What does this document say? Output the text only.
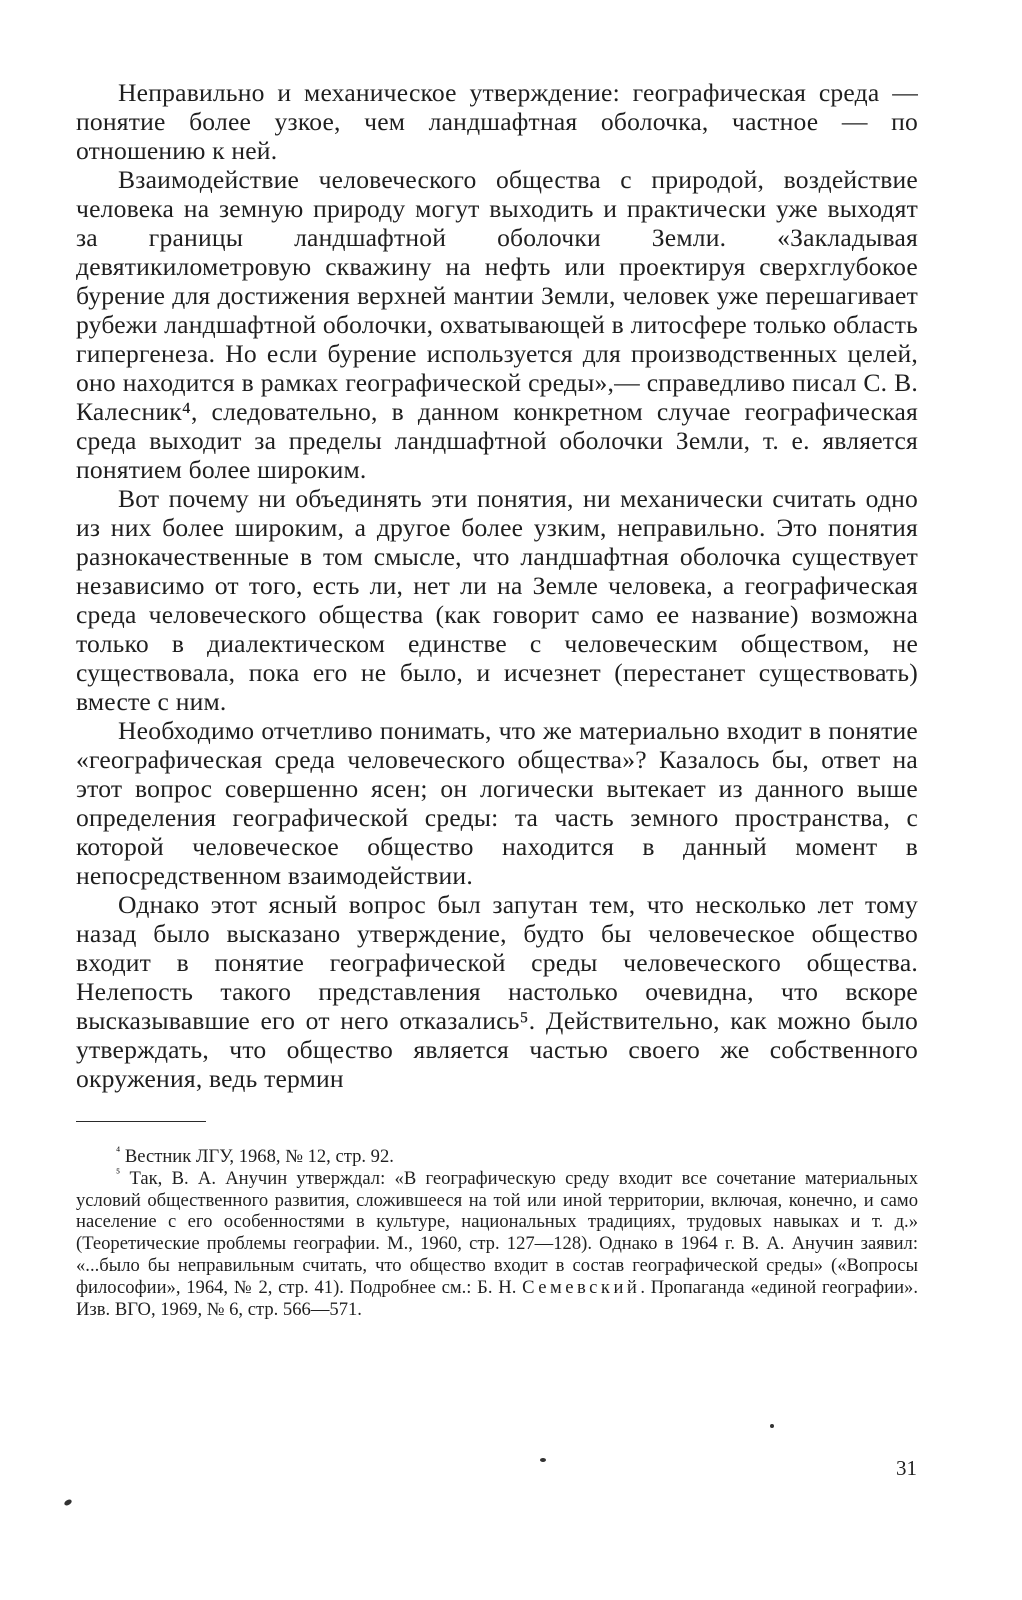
Неправильно и механическое утверждение: географическая среда — понятие более узкое, чем ландшафтная оболочка, частное — по отношению к ней.

Взаимодействие человеческого общества с природой, воздействие человека на земную природу могут выходить и практически уже выходят за границы ландшафтной оболочки Земли. «Закладывая девятикилометровую скважину на нефть или проектируя сверхглубокое бурение для достижения верхней мантии Земли, человек уже перешагивает рубежи ландшафтной оболочки, охватывающей в литосфере только область гипергенеза. Но если бурение используется для производственных целей, оно находится в рамках географической среды»,— справедливо писал С. В. Калесник⁴, следовательно, в данном конкретном случае географическая среда выходит за пределы ландшафтной оболочки Земли, т. е. является понятием более широким.

Вот почему ни объединять эти понятия, ни механически считать одно из них более широким, а другое более узким, неправильно. Это понятия разнокачественные в том смысле, что ландшафтная оболочка существует независимо от того, есть ли, нет ли на Земле человека, а географическая среда человеческого общества (как говорит само ее название) возможна только в диалектическом единстве с человеческим обществом, не существовала, пока его не было, и исчезнет (перестанет существовать) вместе с ним.

Необходимо отчетливо понимать, что же материально входит в понятие «географическая среда человеческого общества»? Казалось бы, ответ на этот вопрос совершенно ясен; он логически вытекает из данного выше определения географической среды: та часть земного пространства, с которой человеческое общество находится в данный момент в непосредственном взаимодействии.

Однако этот ясный вопрос был запутан тем, что несколько лет тому назад было высказано утверждение, будто бы человеческое общество входит в понятие географической среды человеческого общества. Нелепость такого представления настолько очевидна, что вскоре высказывавшие его от него отказались⁵. Действительно, как можно было утверждать, что общество является частью своего же собственного окружения, ведь термин

$^{^4}$ Вестник ЛГУ, 1968, № 12, стр. 92.

$^{^5}$ Так, В. А. Анучин утверждал: «В географическую среду входит все сочетание материальных условий общественного развития, сложившееся на той или иной территории, включая, конечно, и само население с его особенностями в культуре, национальных традициях, трудовых навыках и т. д.» (Теоретические проблемы географии. М., 1960, стр. 127—128). Однако в 1964 г. В. А. Анучин заявил: «...было бы неправильным считать, что общество входит в состав географической среды» («Вопросы философии», 1964, № 2, стр. 41). Подробнее см.: Б. Н. Семевский. Пропаганда «единой географии». Изв. ВГО, 1969, № 6, стр. 566—571.

31
